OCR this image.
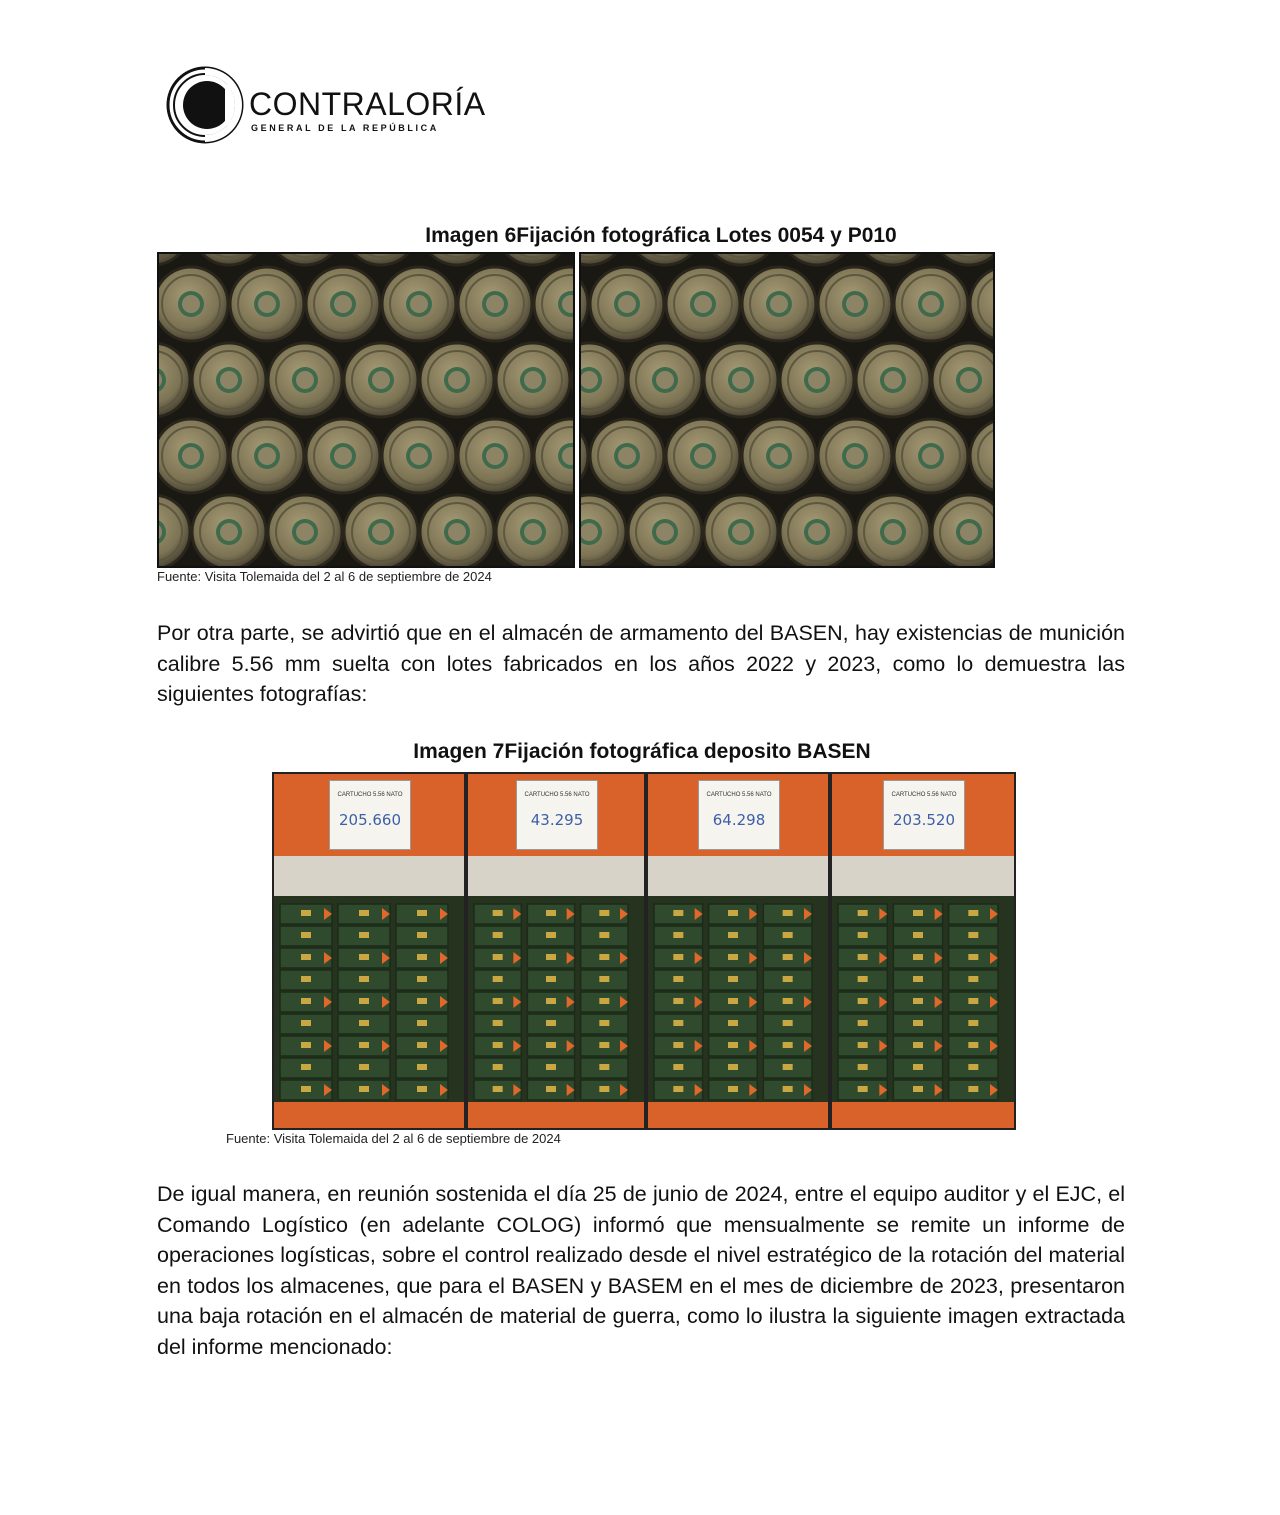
CONTRALORÍA
GENERAL DE LA REPÚBLICA
Imagen 6Fijación fotográfica Lotes 0054 y P010
Fuente: Visita Tolemaida del 2 al 6 de septiembre de 2024
Por otra parte, se advirtió que en el almacén de armamento del BASEN, hay existencias de munición calibre 5.56 mm suelta con lotes fabricados en los años 2022 y 2023, como lo demuestra las siguientes fotografías:
Imagen 7Fijación fotográfica deposito BASEN
CARTUCHO 5.56 NATO
205.660
CARTUCHO 5.56 NATO
43.295
CARTUCHO 5.56 NATO
64.298
CARTUCHO 5.56 NATO
203.520
Fuente: Visita Tolemaida del 2 al 6 de septiembre de 2024
De igual manera, en reunión sostenida el día 25 de junio de 2024, entre el equipo auditor y el EJC, el Comando Logístico (en adelante COLOG) informó que mensualmente se remite un informe de operaciones logísticas, sobre el control realizado desde el nivel estratégico de la rotación del material en todos los almacenes, que para el BASEN y BASEM en el mes de diciembre de 2023, presentaron una baja rotación en el almacén de material de guerra, como lo ilustra la siguiente imagen extractada del informe mencionado:
